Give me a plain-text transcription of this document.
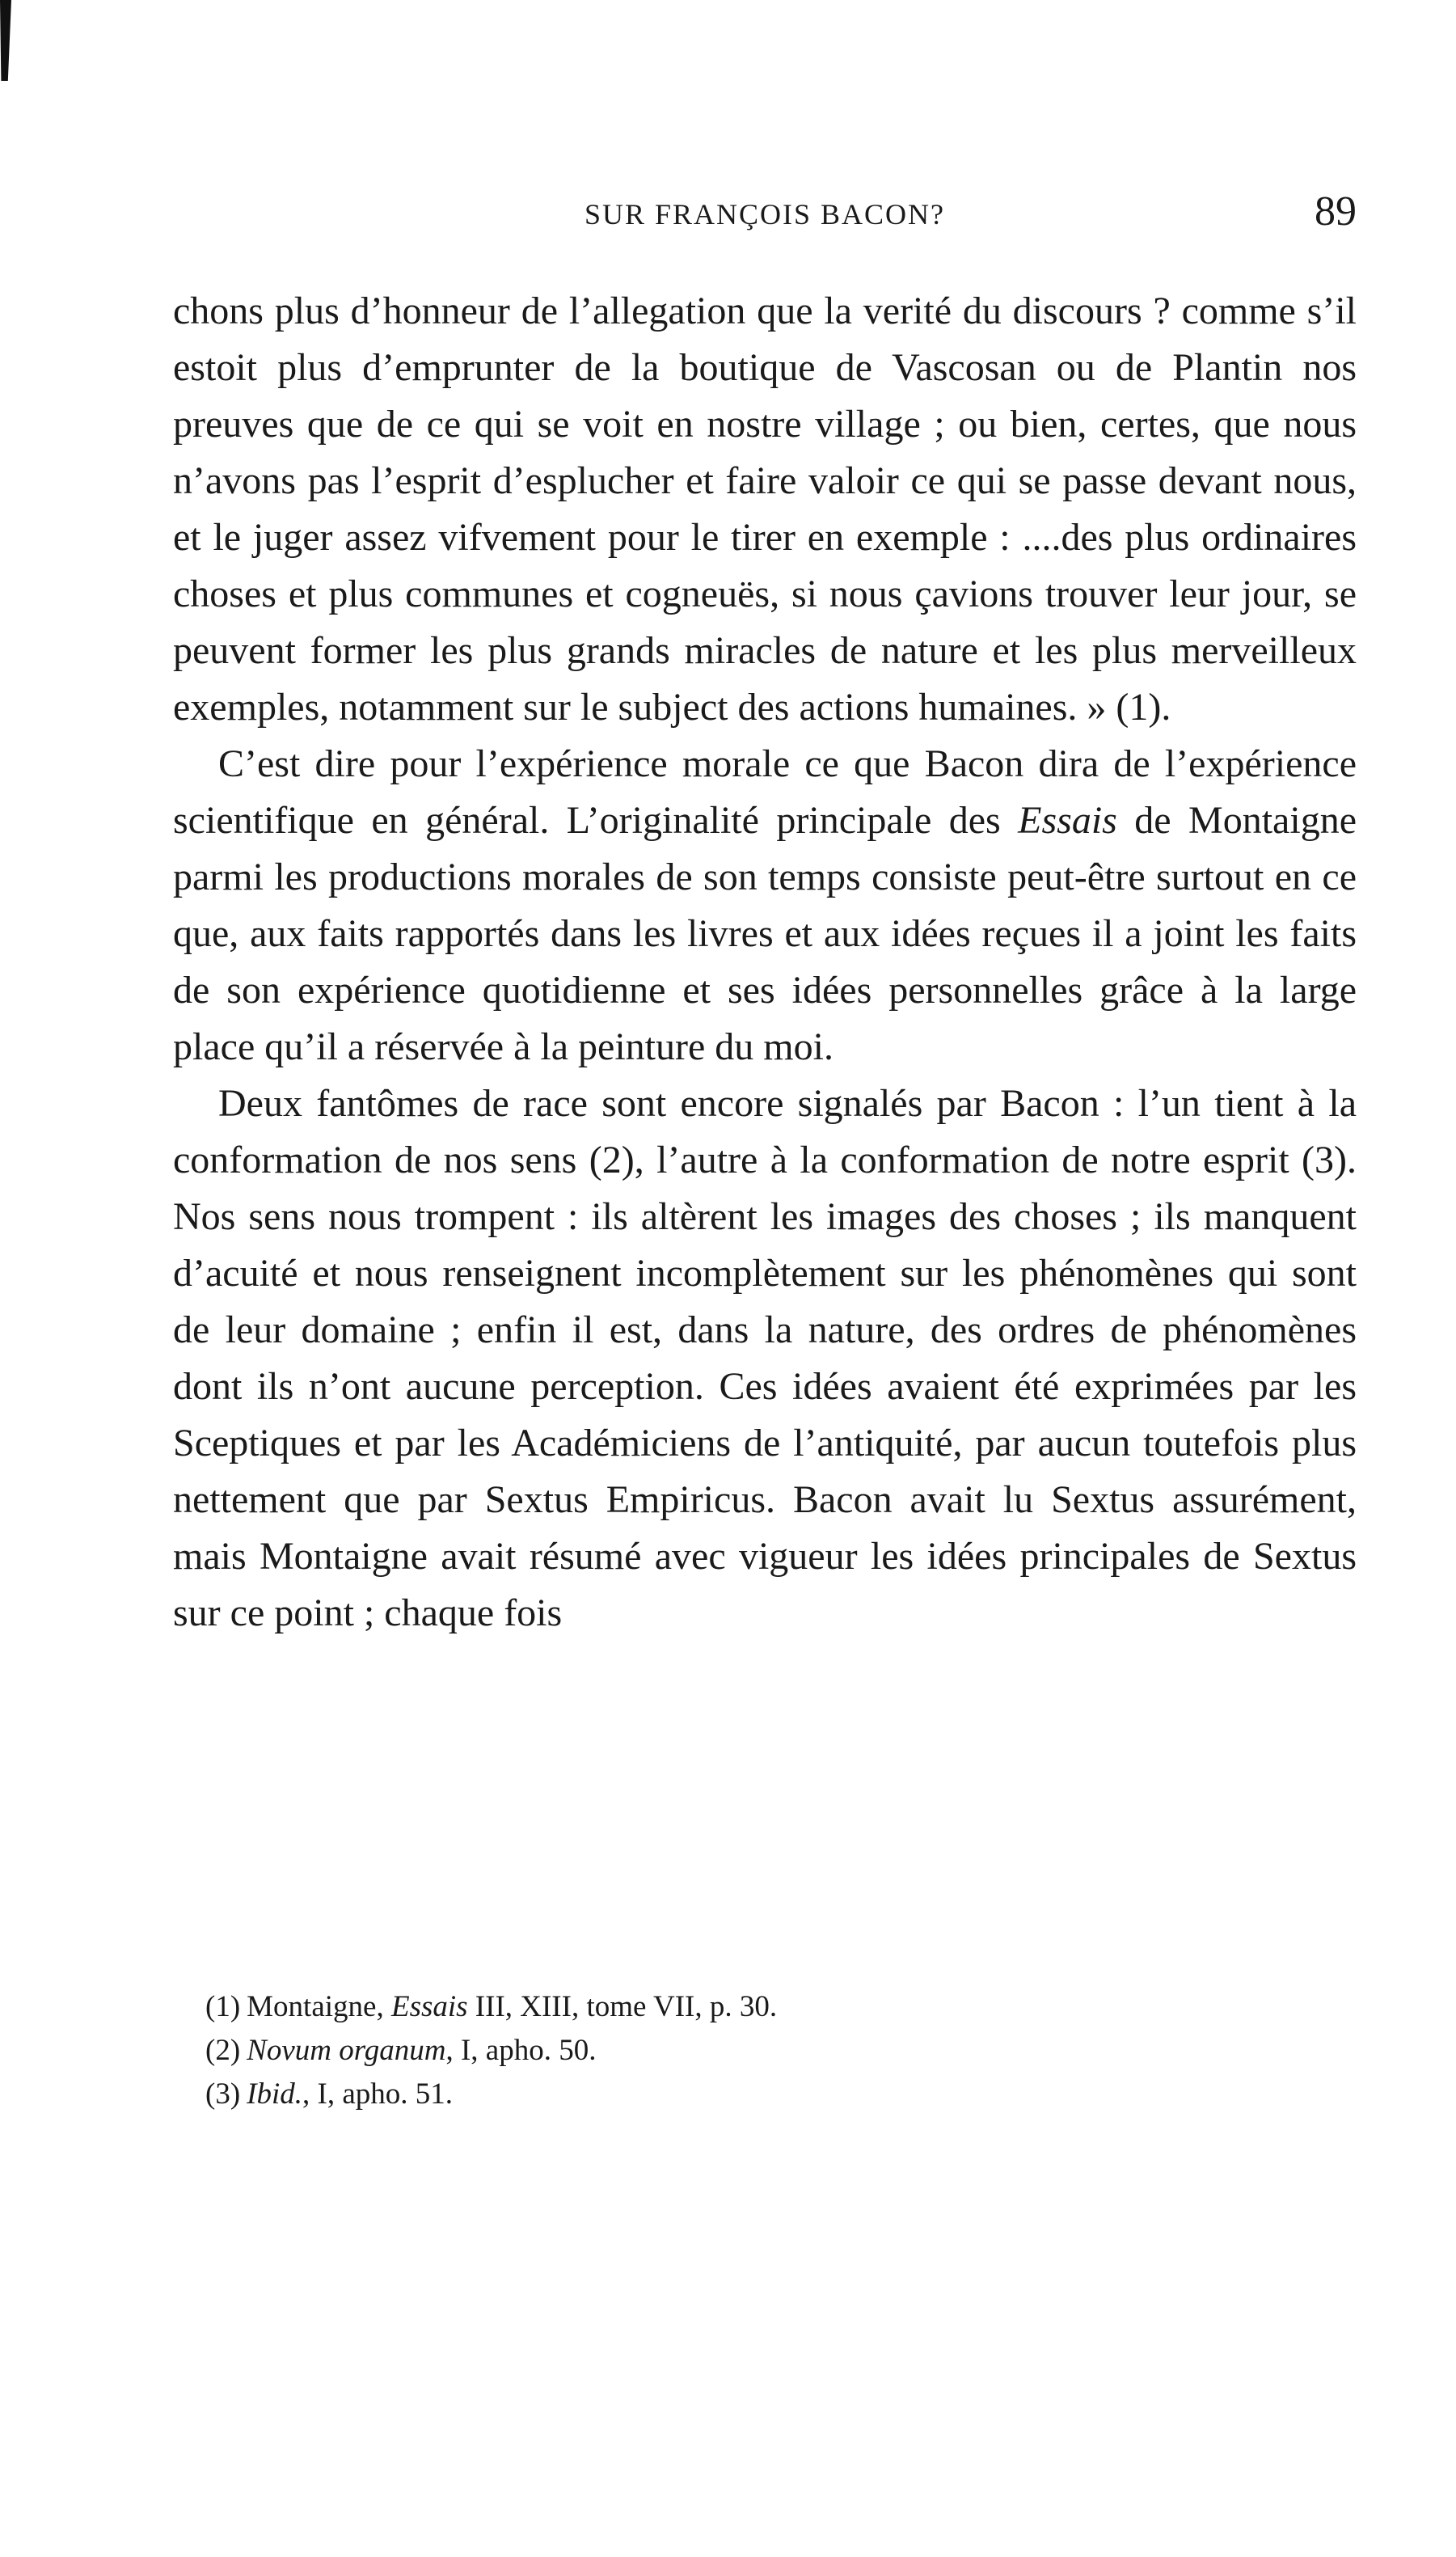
SUR FRANÇOIS BACON?	89

chons plus d’honneur de l’allegation que la verité du discours ? comme s’il estoit plus d’emprunter de la boutique de Vascosan ou de Plantin nos preuves que de ce qui se voit en nostre village ; ou bien, certes, que nous n’avons pas l’esprit d’esplucher et faire valoir ce qui se passe devant nous, et le juger assez vifvement pour le tirer en exemple : ....des plus ordinaires choses et plus communes et cogneuës, si nous çavions trouver leur jour, se peuvent former les plus grands miracles de nature et les plus merveilleux exemples, notamment sur le subject des actions humaines. » (1).

C’est dire pour l’expérience morale ce que Bacon dira de l’expérience scientifique en général. L’originalité principale des Essais de Montaigne parmi les productions morales de son temps consiste peut-être surtout en ce que, aux faits rapportés dans les livres et aux idées reçues il a joint les faits de son expérience quotidienne et ses idées personnelles grâce à la large place qu’il a réservée à la peinture du moi.

Deux fantômes de race sont encore signalés par Bacon : l’un tient à la conformation de nos sens (2), l’autre à la conformation de notre esprit (3). Nos sens nous trompent : ils altèrent les images des choses ; ils manquent d’acuité et nous renseignent incomplètement sur les phénomènes qui sont de leur domaine ; enfin il est, dans la nature, des ordres de phénomènes dont ils n’ont aucune perception. Ces idées avaient été exprimées par les Sceptiques et par les Académiciens de l’antiquité, par aucun toutefois plus nettement que par Sextus Empiricus. Bacon avait lu Sextus assurément, mais Montaigne avait résumé avec vigueur les idées principales de Sextus sur ce point ; chaque fois

(1) Montaigne, Essais III, XIII, tome VII, p. 30.

(2) Novum organum, I, apho. 50.

(3) Ibid., I, apho. 51.
